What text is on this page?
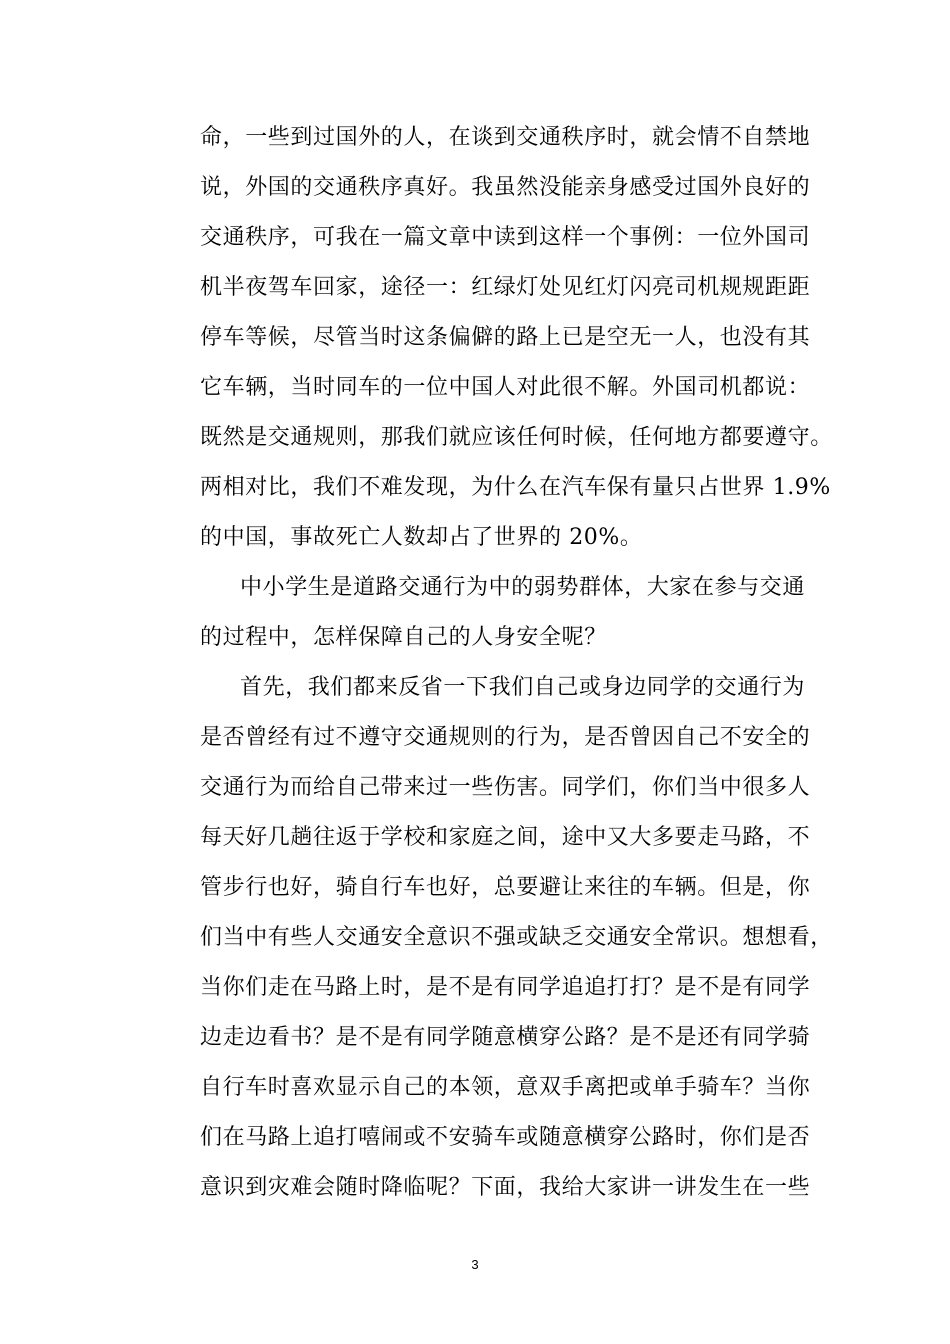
命，一些到过国外的人，在谈到交通秩序时，就会情不自禁地
说，外国的交通秩序真好。我虽然没能亲身感受过国外良好的
交通秩序，可我在一篇文章中读到这样一个事例：一位外国司
机半夜驾车回家，途径一：红绿灯处见红灯闪亮司机规规距距
停车等候，尽管当时这条偏僻的路上已是空无一人，也没有其
它车辆，当时同车的一位中国人对此很不解。外国司机都说：
既然是交通规则，那我们就应该任何时候，任何地方都要遵守。
两相对比，我们不难发现，为什么在汽车保有量只占世界 1.9%
的中国，事故死亡人数却占了世界的 20%。
中小学生是道路交通行为中的弱势群体，大家在参与交通
的过程中，怎样保障自己的人身安全呢？
首先，我们都来反省一下我们自己或身边同学的交通行为
是否曾经有过不遵守交通规则的行为，是否曾因自己不安全的
交通行为而给自己带来过一些伤害。同学们，你们当中很多人
每天好几趟往返于学校和家庭之间，途中又大多要走马路，不
管步行也好，骑自行车也好，总要避让来往的车辆。但是，你
们当中有些人交通安全意识不强或缺乏交通安全常识。想想看，
当你们走在马路上时，是不是有同学追追打打？是不是有同学
边走边看书？是不是有同学随意横穿公路？是不是还有同学骑
自行车时喜欢显示自己的本领，意双手离把或单手骑车？当你
们在马路上追打嘻闹或不安骑车或随意横穿公路时，你们是否
意识到灾难会随时降临呢？下面，我给大家讲一讲发生在一些
3
